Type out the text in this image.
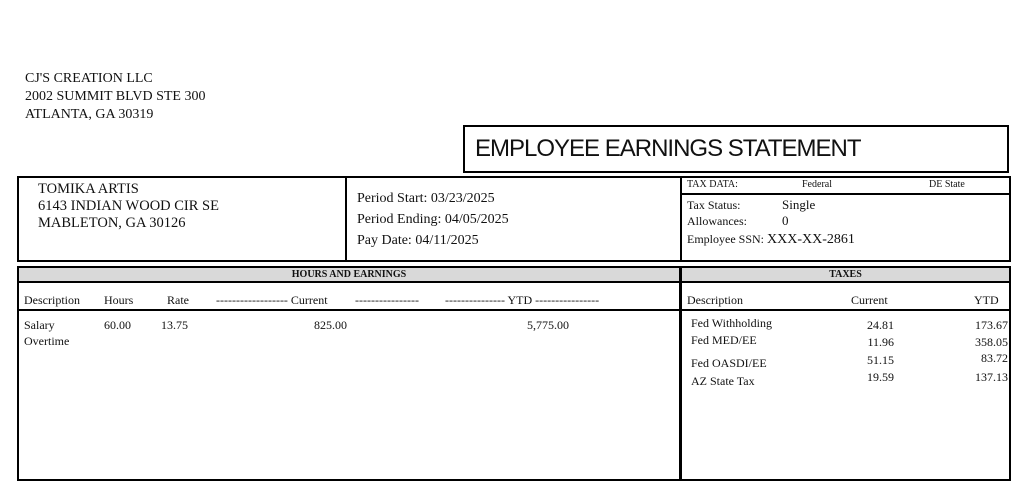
CJ'S CREATION LLC
2002 SUMMIT BLVD STE 300
ATLANTA, GA 30319
EMPLOYEE EARNINGS STATEMENT
TOMIKA ARTIS
6143 INDIAN WOOD CIR SE
MABLETON, GA 30126
Period Start: 03/23/2025
Period Ending: 04/05/2025
Pay Date: 04/11/2025
TAX DATA:	Federal	DE State
Tax Status:	Single
Allowances:	0
Employee SSN: XXX-XX-2861
HOURS AND EARNINGS
Description Hours	Rate ------------------ Current ---------------- --------------- YTD ----------------
Salary	60.00	13.75	825.00	5,775.00
Overtime
TAXES
Description	Current	YTD
Fed Withholding	24.81	173.67
Fed MED/EE	11.96	358.05
Fed OASDI/EE	51.15	83.72
AZ State Tax	19.59	137.13
